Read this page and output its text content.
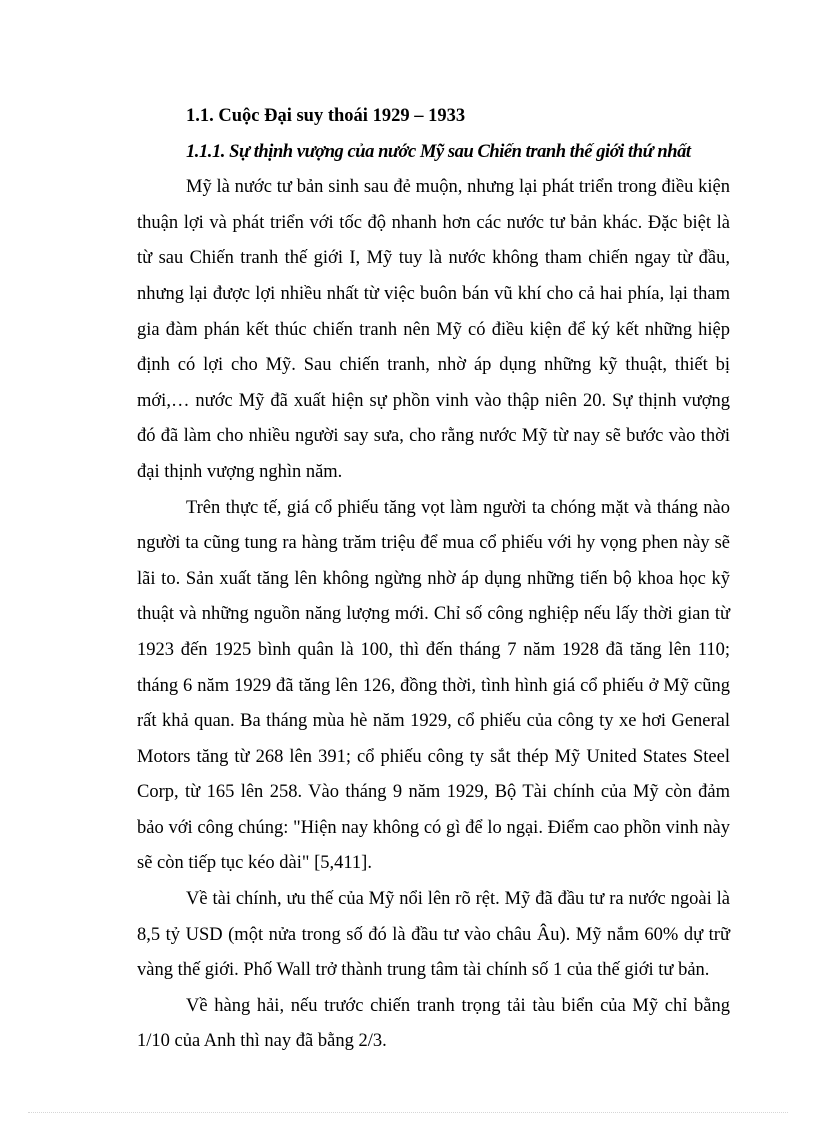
1.1. Cuộc Đại suy thoái 1929 – 1933
1.1.1. Sự thịnh vượng của nước Mỹ sau Chiến tranh thế giới thứ nhất

Mỹ là nước tư bản sinh sau đẻ muộn, nhưng lại phát triển trong điều kiện thuận lợi và phát triển với tốc độ nhanh hơn các nước tư bản khác. Đặc biệt là từ sau Chiến tranh thế giới I, Mỹ tuy là nước không tham chiến ngay từ đầu, nhưng lại được lợi nhiều nhất từ việc buôn bán vũ khí cho cả hai phía, lại tham gia đàm phán kết thúc chiến tranh nên Mỹ có điều kiện để ký kết những hiệp định có lợi cho Mỹ. Sau chiến tranh, nhờ áp dụng những kỹ thuật, thiết bị mới,… nước Mỹ đã xuất hiện sự phồn vinh vào thập niên 20. Sự thịnh vượng đó đã làm cho nhiều người say sưa, cho rằng nước Mỹ từ nay sẽ bước vào thời đại thịnh vượng nghìn năm.

Trên thực tế, giá cổ phiếu tăng vọt làm người ta chóng mặt và tháng nào người ta cũng tung ra hàng trăm triệu để mua cổ phiếu với hy vọng phen này sẽ lãi to. Sản xuất tăng lên không ngừng nhờ áp dụng những tiến bộ khoa học kỹ thuật và những nguồn năng lượng mới. Chỉ số công nghiệp nếu lấy thời gian từ 1923 đến 1925 bình quân là 100, thì đến tháng 7 năm 1928 đã tăng lên 110; tháng 6 năm 1929 đã tăng lên 126, đồng thời, tình hình giá cổ phiếu ở Mỹ cũng rất khả quan. Ba tháng mùa hè năm 1929, cổ phiếu của công ty xe hơi General Motors tăng từ 268 lên 391; cổ phiếu công ty sắt thép Mỹ United States Steel Corp, từ 165 lên 258. Vào tháng 9 năm 1929, Bộ Tài chính của Mỹ còn đảm bảo với công chúng: "Hiện nay không có gì để lo ngại. Điểm cao phồn vinh này sẽ còn tiếp tục kéo dài" [5,411].

Về tài chính, ưu thế của Mỹ nổi lên rõ rệt. Mỹ đã đầu tư ra nước ngoài là 8,5 tỷ USD (một nửa trong số đó là đầu tư vào châu Âu). Mỹ nắm 60% dự trữ vàng thế giới. Phố Wall trở thành trung tâm tài chính số 1 của thế giới tư bản.

Về hàng hải, nếu trước chiến tranh trọng tải tàu biển của Mỹ chỉ bằng 1/10 của Anh thì nay đã bằng 2/3.
